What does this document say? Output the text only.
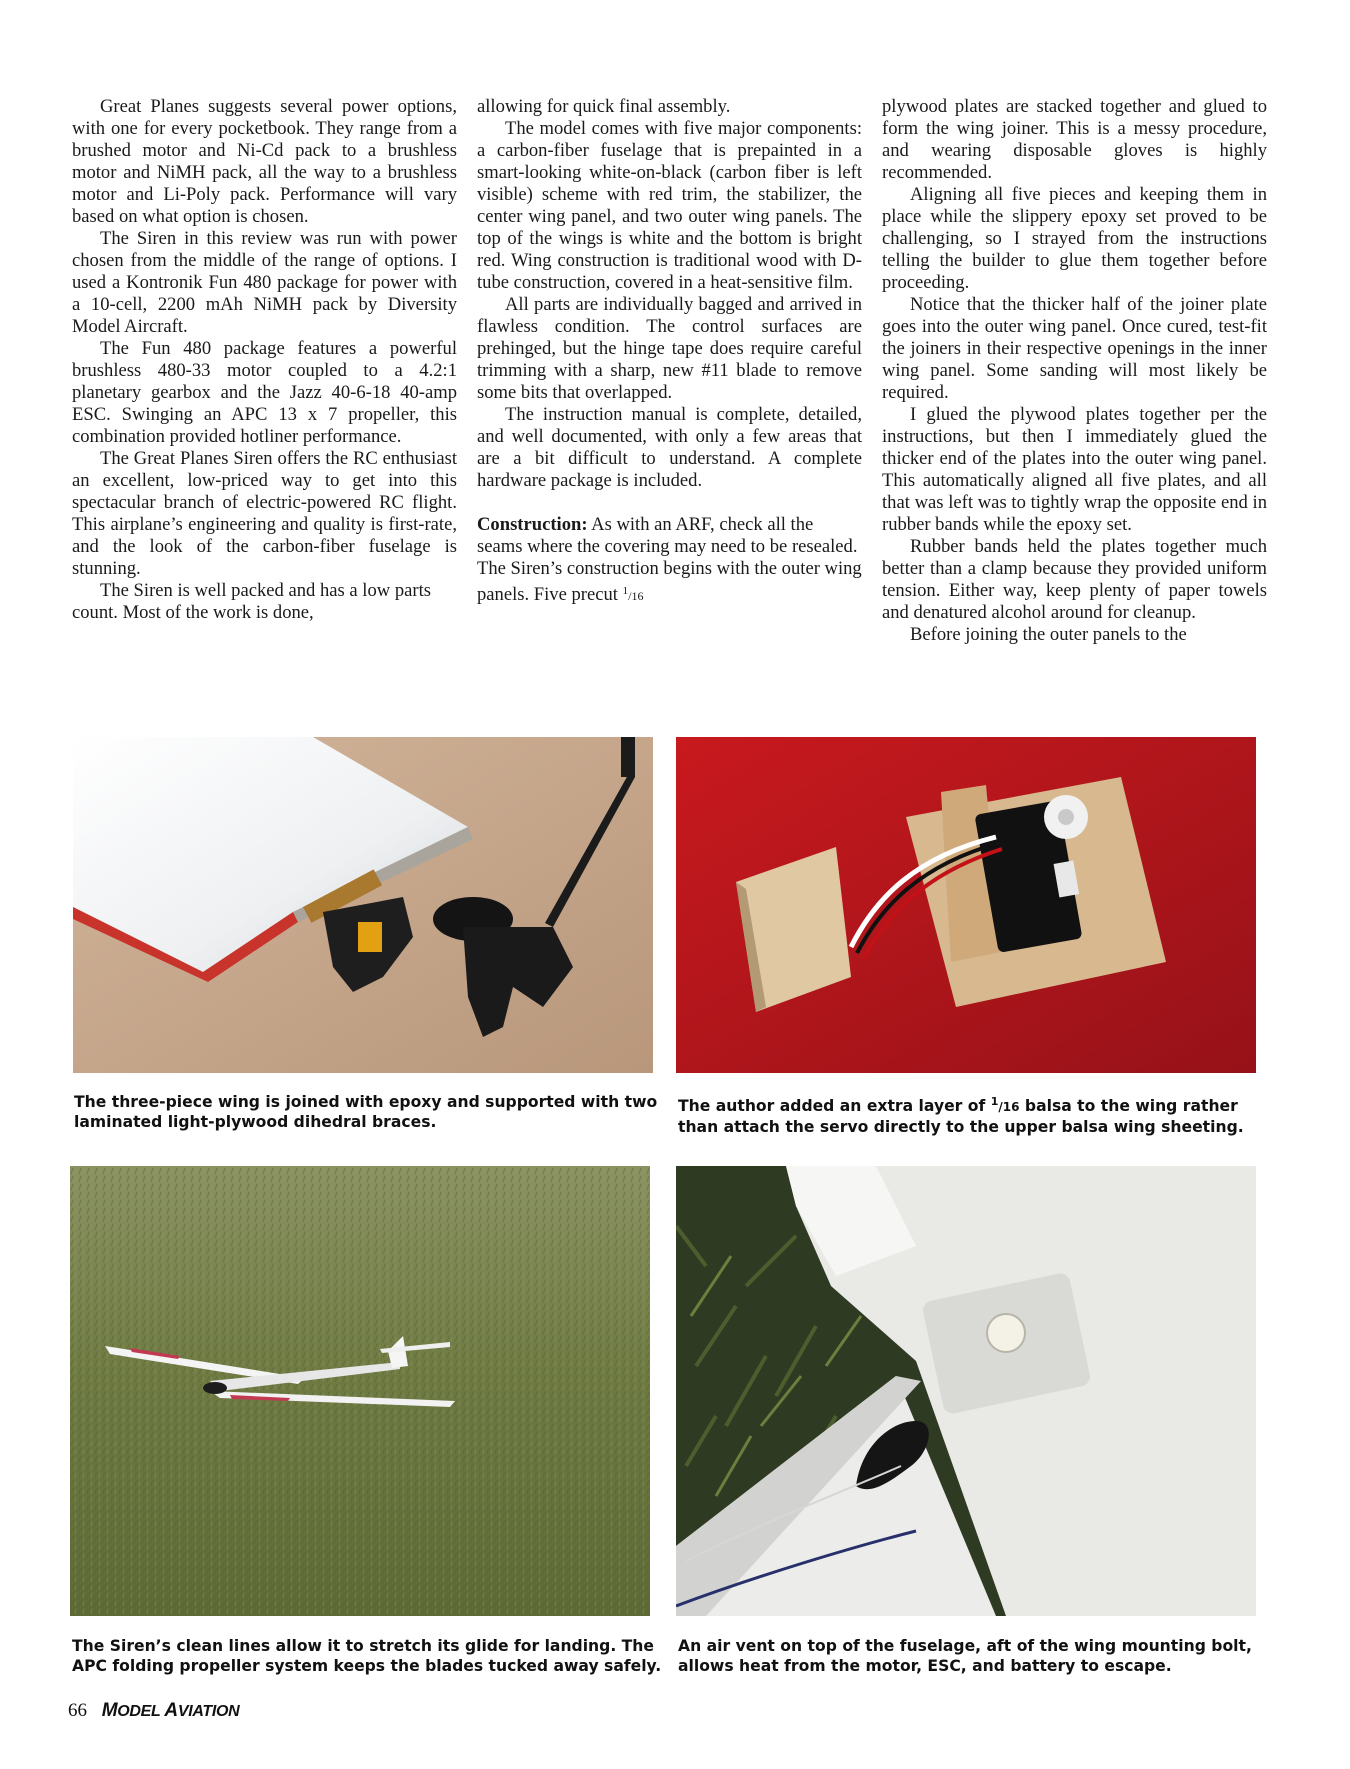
Great Planes suggests several power options, with one for every pocketbook. They range from a brushed motor and Ni-Cd pack to a brushless motor and NiMH pack, all the way to a brushless motor and Li-Poly pack. Performance will vary based on what option is chosen.

The Siren in this review was run with power chosen from the middle of the range of options. I used a Kontronik Fun 480 package for power with a 10-cell, 2200 mAh NiMH pack by Diversity Model Aircraft.

The Fun 480 package features a powerful brushless 480-33 motor coupled to a 4.2:1 planetary gearbox and the Jazz 40-6-18 40-amp ESC. Swinging an APC 13 x 7 propeller, this combination provided hotliner performance.

The Great Planes Siren offers the RC enthusiast an excellent, low-priced way to get into this spectacular branch of electric-powered RC flight. This airplane’s engineering and quality is first-rate, and the look of the carbon-fiber fuselage is stunning.

The Siren is well packed and has a low parts count. Most of the work is done,

allowing for quick final assembly.

The model comes with five major components: a carbon-fiber fuselage that is prepainted in a smart-looking white-on-black (carbon fiber is left visible) scheme with red trim, the stabilizer, the center wing panel, and two outer wing panels. The top of the wings is white and the bottom is bright red. Wing construction is traditional wood with D-tube construction, covered in a heat-sensitive film.

All parts are individually bagged and arrived in flawless condition. The control surfaces are prehinged, but the hinge tape does require careful trimming with a sharp, new #11 blade to remove some bits that overlapped.

The instruction manual is complete, detailed, and well documented, with only a few areas that are a bit difficult to understand. A complete hardware package is included.

Construction: As with an ARF, check all the seams where the covering may need to be resealed. The Siren’s construction begins with the outer wing panels. Five precut $^1$/16

plywood plates are stacked together and glued to form the wing joiner. This is a messy procedure, and wearing disposable gloves is highly recommended.

Aligning all five pieces and keeping them in place while the slippery epoxy set proved to be challenging, so I strayed from the instructions telling the builder to glue them together before proceeding.

Notice that the thicker half of the joiner plate goes into the outer wing panel. Once cured, test-fit the joiners in their respective openings in the inner wing panel. Some sanding will most likely be required.

I glued the plywood plates together per the instructions, but then I immediately glued the thicker end of the plates into the outer wing panel. This automatically aligned all five plates, and all that was left was to tightly wrap the opposite end in rubber bands while the epoxy set.

Rubber bands held the plates together much better than a clamp because they provided uniform tension. Either way, keep plenty of paper towels and denatured alcohol around for cleanup.

Before joining the outer panels to the

The three-piece wing is joined with epoxy and supported with two laminated light-plywood dihedral braces.
The author added an extra layer of $^1$/16 balsa to the wing rather than attach the servo directly to the upper balsa wing sheeting.
The Siren’s clean lines allow it to stretch its glide for landing. The APC folding propeller system keeps the blades tucked away safely.
An air vent on top of the fuselage, aft of the wing mounting bolt, allows heat from the motor, ESC, and battery to escape.
66 MODEL AVIATION
